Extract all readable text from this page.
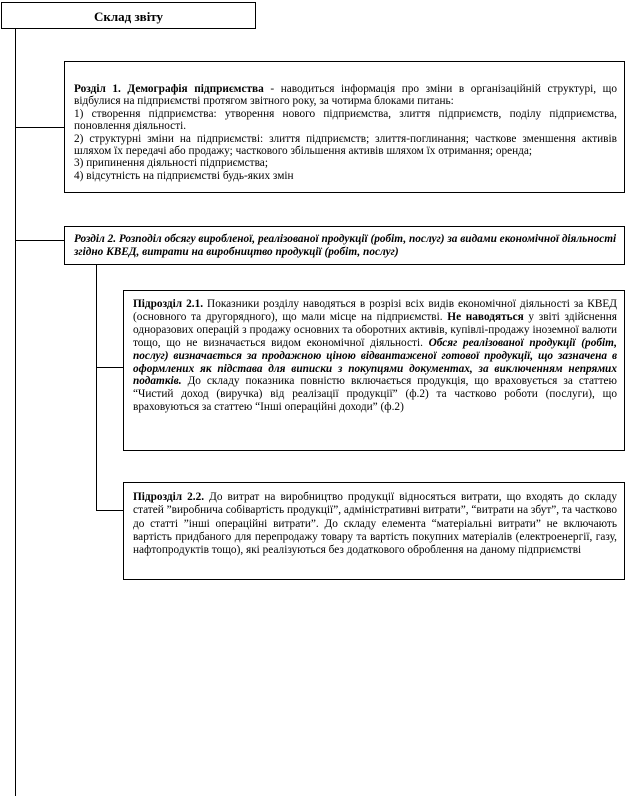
Склад звіту
Розділ 1. Демографія підприємства - наводиться інформація про зміни в організаційній структурі, що відбулися на підприємстві протягом звітного року, за чотирма блоками питань:
1) створення підприємства: утворення нового підприємства, злиття підприємств, поділу підприємства, поновлення діяльності.
2) структурні зміни на підприємстві: злиття підприємств; злиття-поглинання; часткове зменшення активів шляхом їх передачі або продажу; часткового збільшення активів шляхом їх отримання; оренда;
3) припинення діяльності підприємства;
4) відсутність на підприємстві будь-яких змін
Розділ 2. Розподіл обсягу виробленої, реалізованої продукції (робіт, послуг) за видами економічної діяльності згідно КВЕД, витрати на виробництво продукції (робіт, послуг)
Підрозділ 2.1. Показники розділу наводяться в розрізі всіх видів економічної діяльності за КВЕД (основного та другорядного), що мали місце на підприємстві. Не наводяться у звіті здійснення одноразових операцій з продажу основних та оборотних активів, купівлі-продажу іноземної валюти тощо, що не визначається видом економічної діяльності. Обсяг реалізованої продукції (робіт, послуг) визначається за продажною ціною відвантаженої готової продукції, що зазначена в оформлених як підстава для виписки з покупцями документах, за виключенням непрямих податків. До складу показника повністю включається продукція, що враховується за статтею “Чистий доход (виручка) від реалізації продукції” (ф.2) та частково роботи (послуги), що враховуються за статтею “Інші операційні доходи” (ф.2)
Підрозділ 2.2. До витрат на виробництво продукції відносяться витрати, що входять до складу статей ”виробнича собівартість продукції”, адміністративні витрати”, “витрати на збут”, та частково до статті ”інші операційні витрати”. До складу елемента “матеріальні витрати” не включають вартість придбаного для перепродажу товару та вартість покупних матеріалів (електроенергії, газу, нафтопродуктів тощо), які реалізуються без додаткового оброблення на даному підприємстві
